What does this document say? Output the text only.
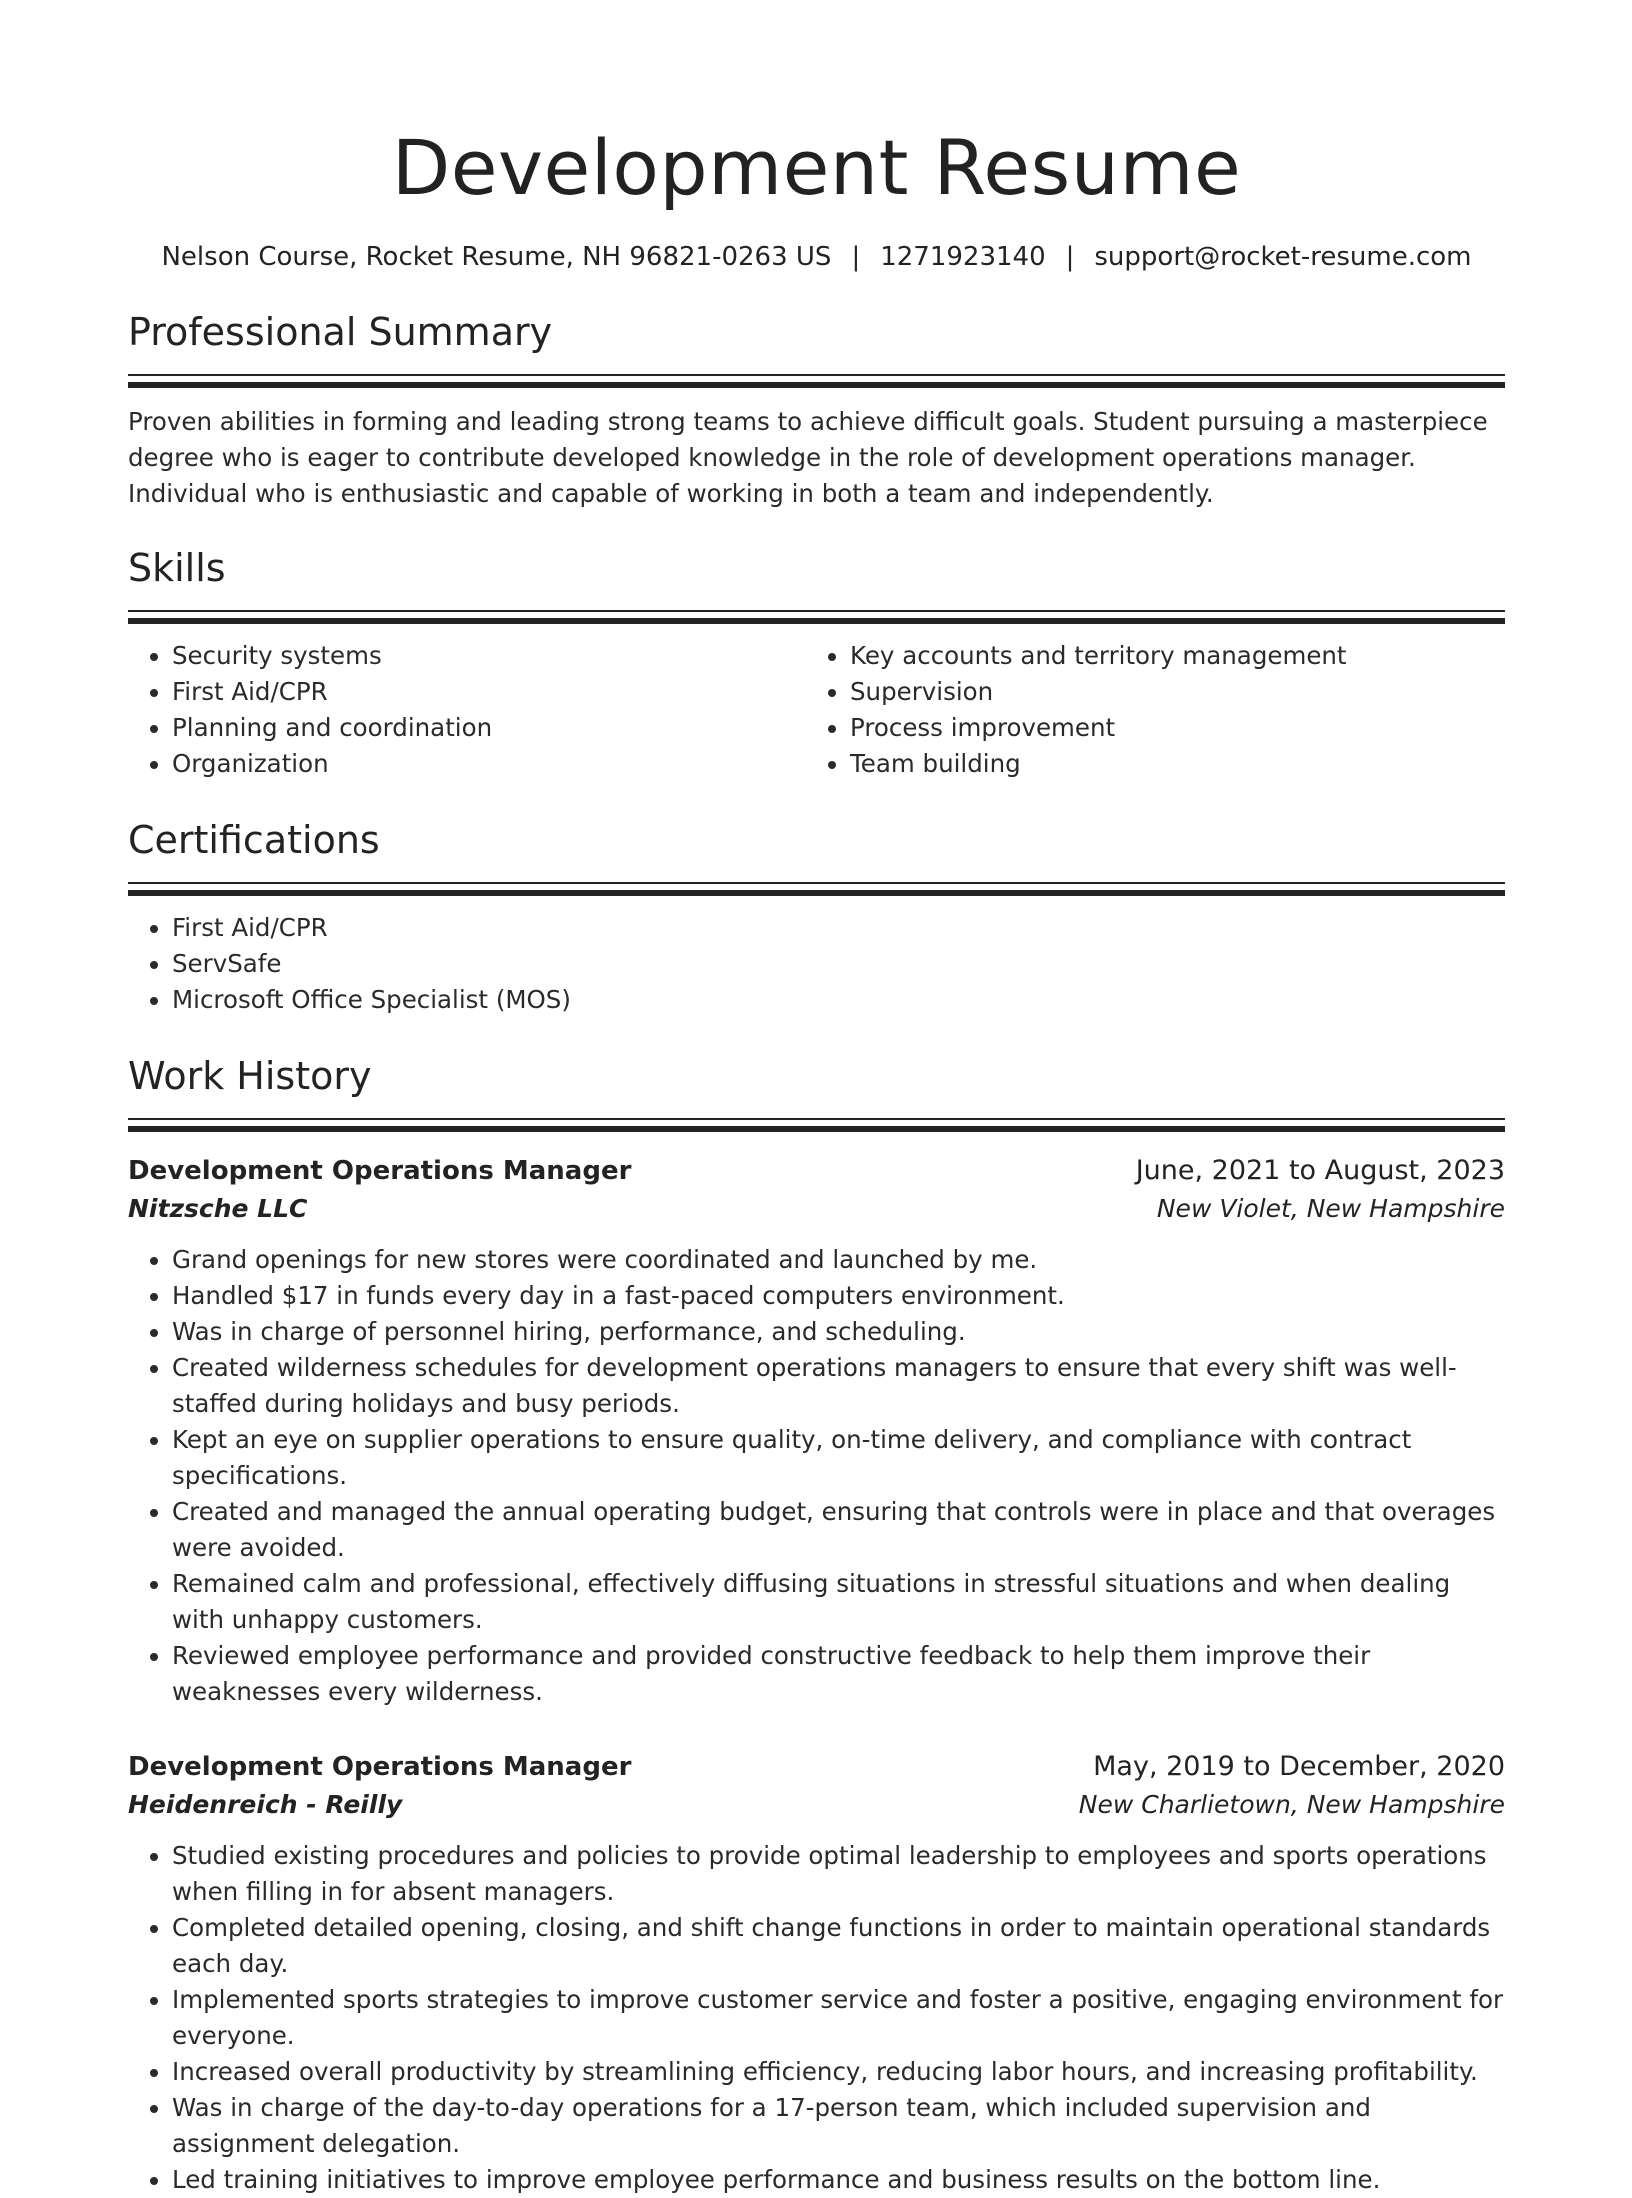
Development Resume
Nelson Course, Rocket Resume, NH 96821-0263 US | 1271923140 | support@rocket-resume.com
Professional Summary

Proven abilities in forming and leading strong teams to achieve difficult goals. Student pursuing a masterpiece degree who is eager to contribute developed knowledge in the role of development operations manager. Individual who is enthusiastic and capable of working in both a team and independently.

Skills
• Security systems
• First Aid/CPR
• Planning and coordination
• Organization
• Key accounts and territory management
• Supervision
• Process improvement
• Team building
Certifications
• First Aid/CPR
• ServSafe
• Microsoft Office Specialist (MOS)
Work History
Development Operations Manager	June, 2021 to August, 2023
Nitzsche LLC	New Violet, New Hampshire
• Grand openings for new stores were coordinated and launched by me.
• Handled $17 in funds every day in a fast-paced computers environment.
• Was in charge of personnel hiring, performance, and scheduling.
• Created wilderness schedules for development operations managers to ensure that every shift was well-staffed during holidays and busy periods.
• Kept an eye on supplier operations to ensure quality, on-time delivery, and compliance with contract specifications.
• Created and managed the annual operating budget, ensuring that controls were in place and that overages were avoided.
• Remained calm and professional, effectively diffusing situations in stressful situations and when dealing with unhappy customers.
• Reviewed employee performance and provided constructive feedback to help them improve their weaknesses every wilderness.
Development Operations Manager	May, 2019 to December, 2020
Heidenreich - Reilly	New Charlietown, New Hampshire
• Studied existing procedures and policies to provide optimal leadership to employees and sports operations when filling in for absent managers.
• Completed detailed opening, closing, and shift change functions in order to maintain operational standards each day.
• Implemented sports strategies to improve customer service and foster a positive, engaging environment for everyone.
• Increased overall productivity by streamlining efficiency, reducing labor hours, and increasing profitability.
• Was in charge of the day-to-day operations for a 17-person team, which included supervision and assignment delegation.
• Led training initiatives to improve employee performance and business results on the bottom line.
